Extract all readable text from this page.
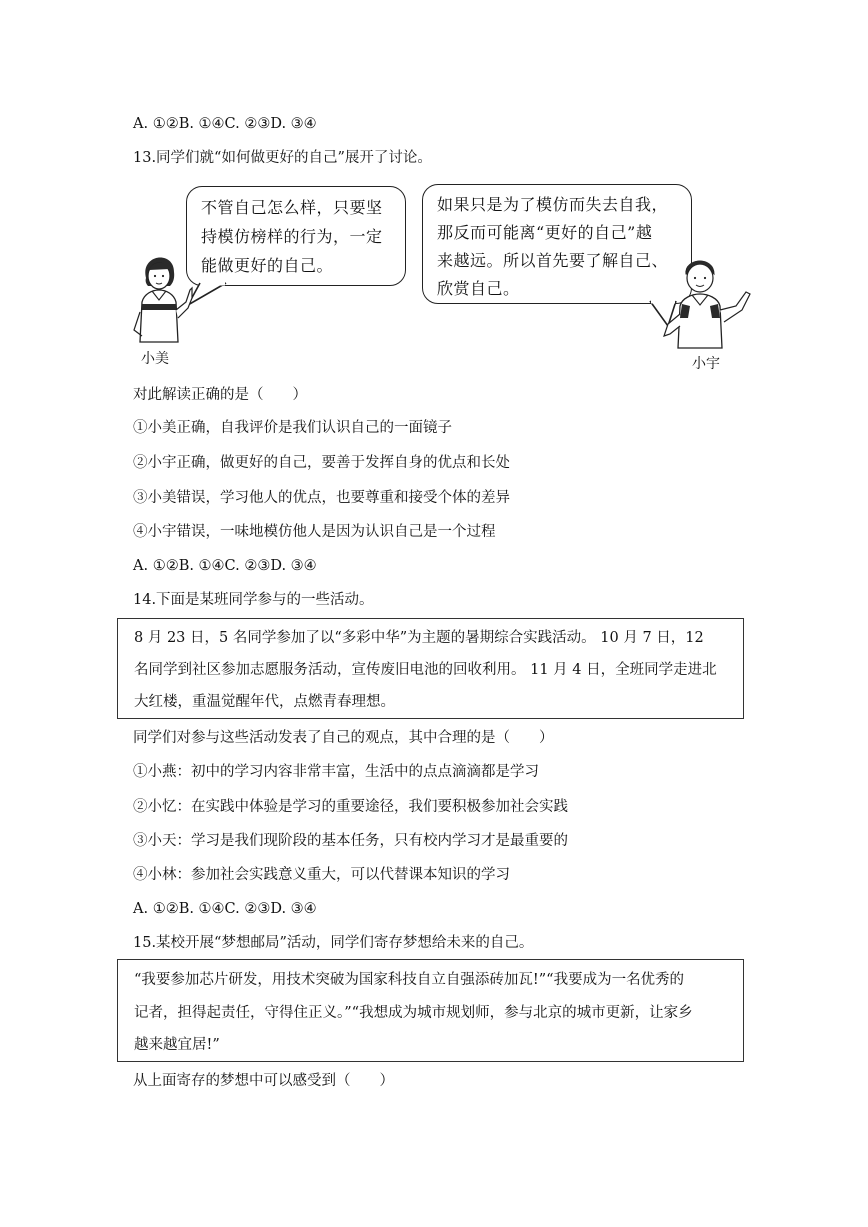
A. ①②B. ①④C. ②③D. ③④
13.同学们就“如何做更好的自己”展开了讨论。
不管自己怎么样，只要坚
持模仿榜样的行为，一定
能做更好的自己。
如果只是为了模仿而失去自我，
那反而可能离“更好的自己”越
来越远。所以首先要了解自己、
欣赏自己。
小美	小宇
对此解读正确的是（　　）
①小美正确，自我评价是我们认识自己的一面镜子
②小宇正确，做更好的自己，要善于发挥自身的优点和长处
③小美错误，学习他人的优点，也要尊重和接受个体的差异
④小宇错误，一味地模仿他人是因为认识自己是一个过程
A. ①②B. ①④C. ②③D. ③④
14.下面是某班同学参与的一些活动。
8 月 23 日，5 名同学参加了以“多彩中华”为主题的暑期综合实践活动。 10 月 7 日，12
名同学到社区参加志愿服务活动，宣传废旧电池的回收利用。 11 月 4 日，全班同学走进北
大红楼，重温觉醒年代，点燃青春理想。
同学们对参与这些活动发表了自己的观点，其中合理的是（　　）
①小燕：初中的学习内容非常丰富，生活中的点点滴滴都是学习
②小忆：在实践中体验是学习的重要途径，我们要积极参加社会实践
③小天：学习是我们现阶段的基本任务，只有校内学习才是最重要的
④小林：参加社会实践意义重大，可以代替课本知识的学习
A. ①②B. ①④C. ②③D. ③④
15.某校开展“梦想邮局”活动，同学们寄存梦想给未来的自己。
“我要参加芯片研发，用技术突破为国家科技自立自强添砖加瓦!”“我要成为一名优秀的
记者，担得起责任，守得住正义。”“我想成为城市规划师，参与北京的城市更新，让家乡
越来越宜居!”
从上面寄存的梦想中可以感受到（　　）
